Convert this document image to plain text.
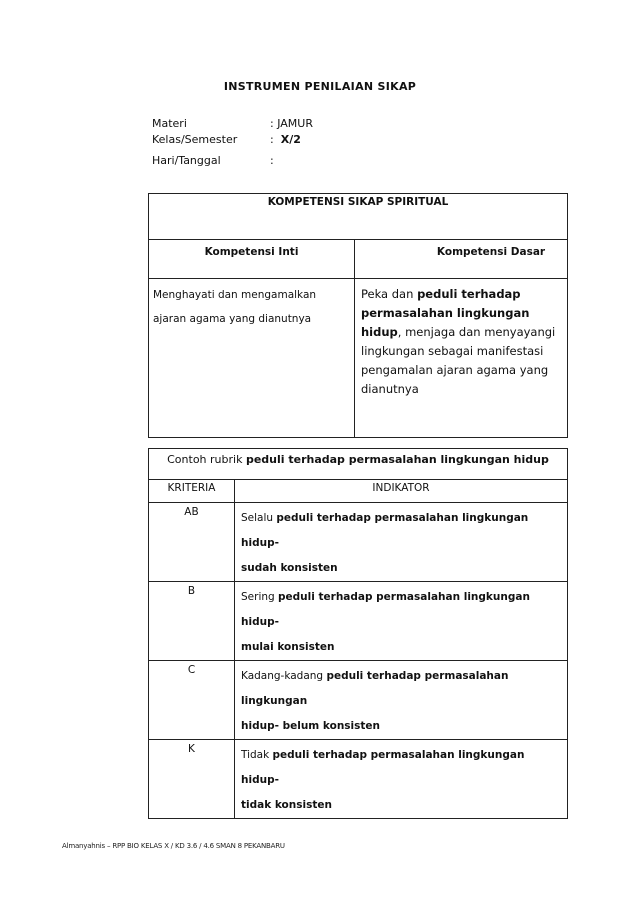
INSTRUMEN PENILAIAN SIKAP
Materi	: JAMUR
Kelas/Semester	: X/2
Hari/Tanggal	:
KOMPETENSI SIKAP SPIRITUAL	
Kompetensi Inti	Kompetensi Dasar

Menghayati dan mengamalkan
ajaran agama yang dianutnya	Peka dan peduli terhadap permasalahan lingkungan hidup, menjaga dan menyayangi lingkungan sebagai manifestasi pengamalan ajaran agama yang dianutnya
Contoh rubrik peduli terhadap permasalahan lingkungan hidup	
KRITERIA	INDIKATOR
AB	Selalu peduli terhadap permasalahan lingkungan hidup-
sudah konsisten
B	Sering peduli terhadap permasalahan lingkungan hidup-
mulai konsisten
C	Kadang-kadang peduli terhadap permasalahan lingkungan
hidup- belum konsisten
K	Tidak peduli terhadap permasalahan lingkungan hidup-
tidak konsisten
Almanyahnis – RPP BIO KELAS X / KD 3.6 / 4.6 SMAN 8 PEKANBARU
